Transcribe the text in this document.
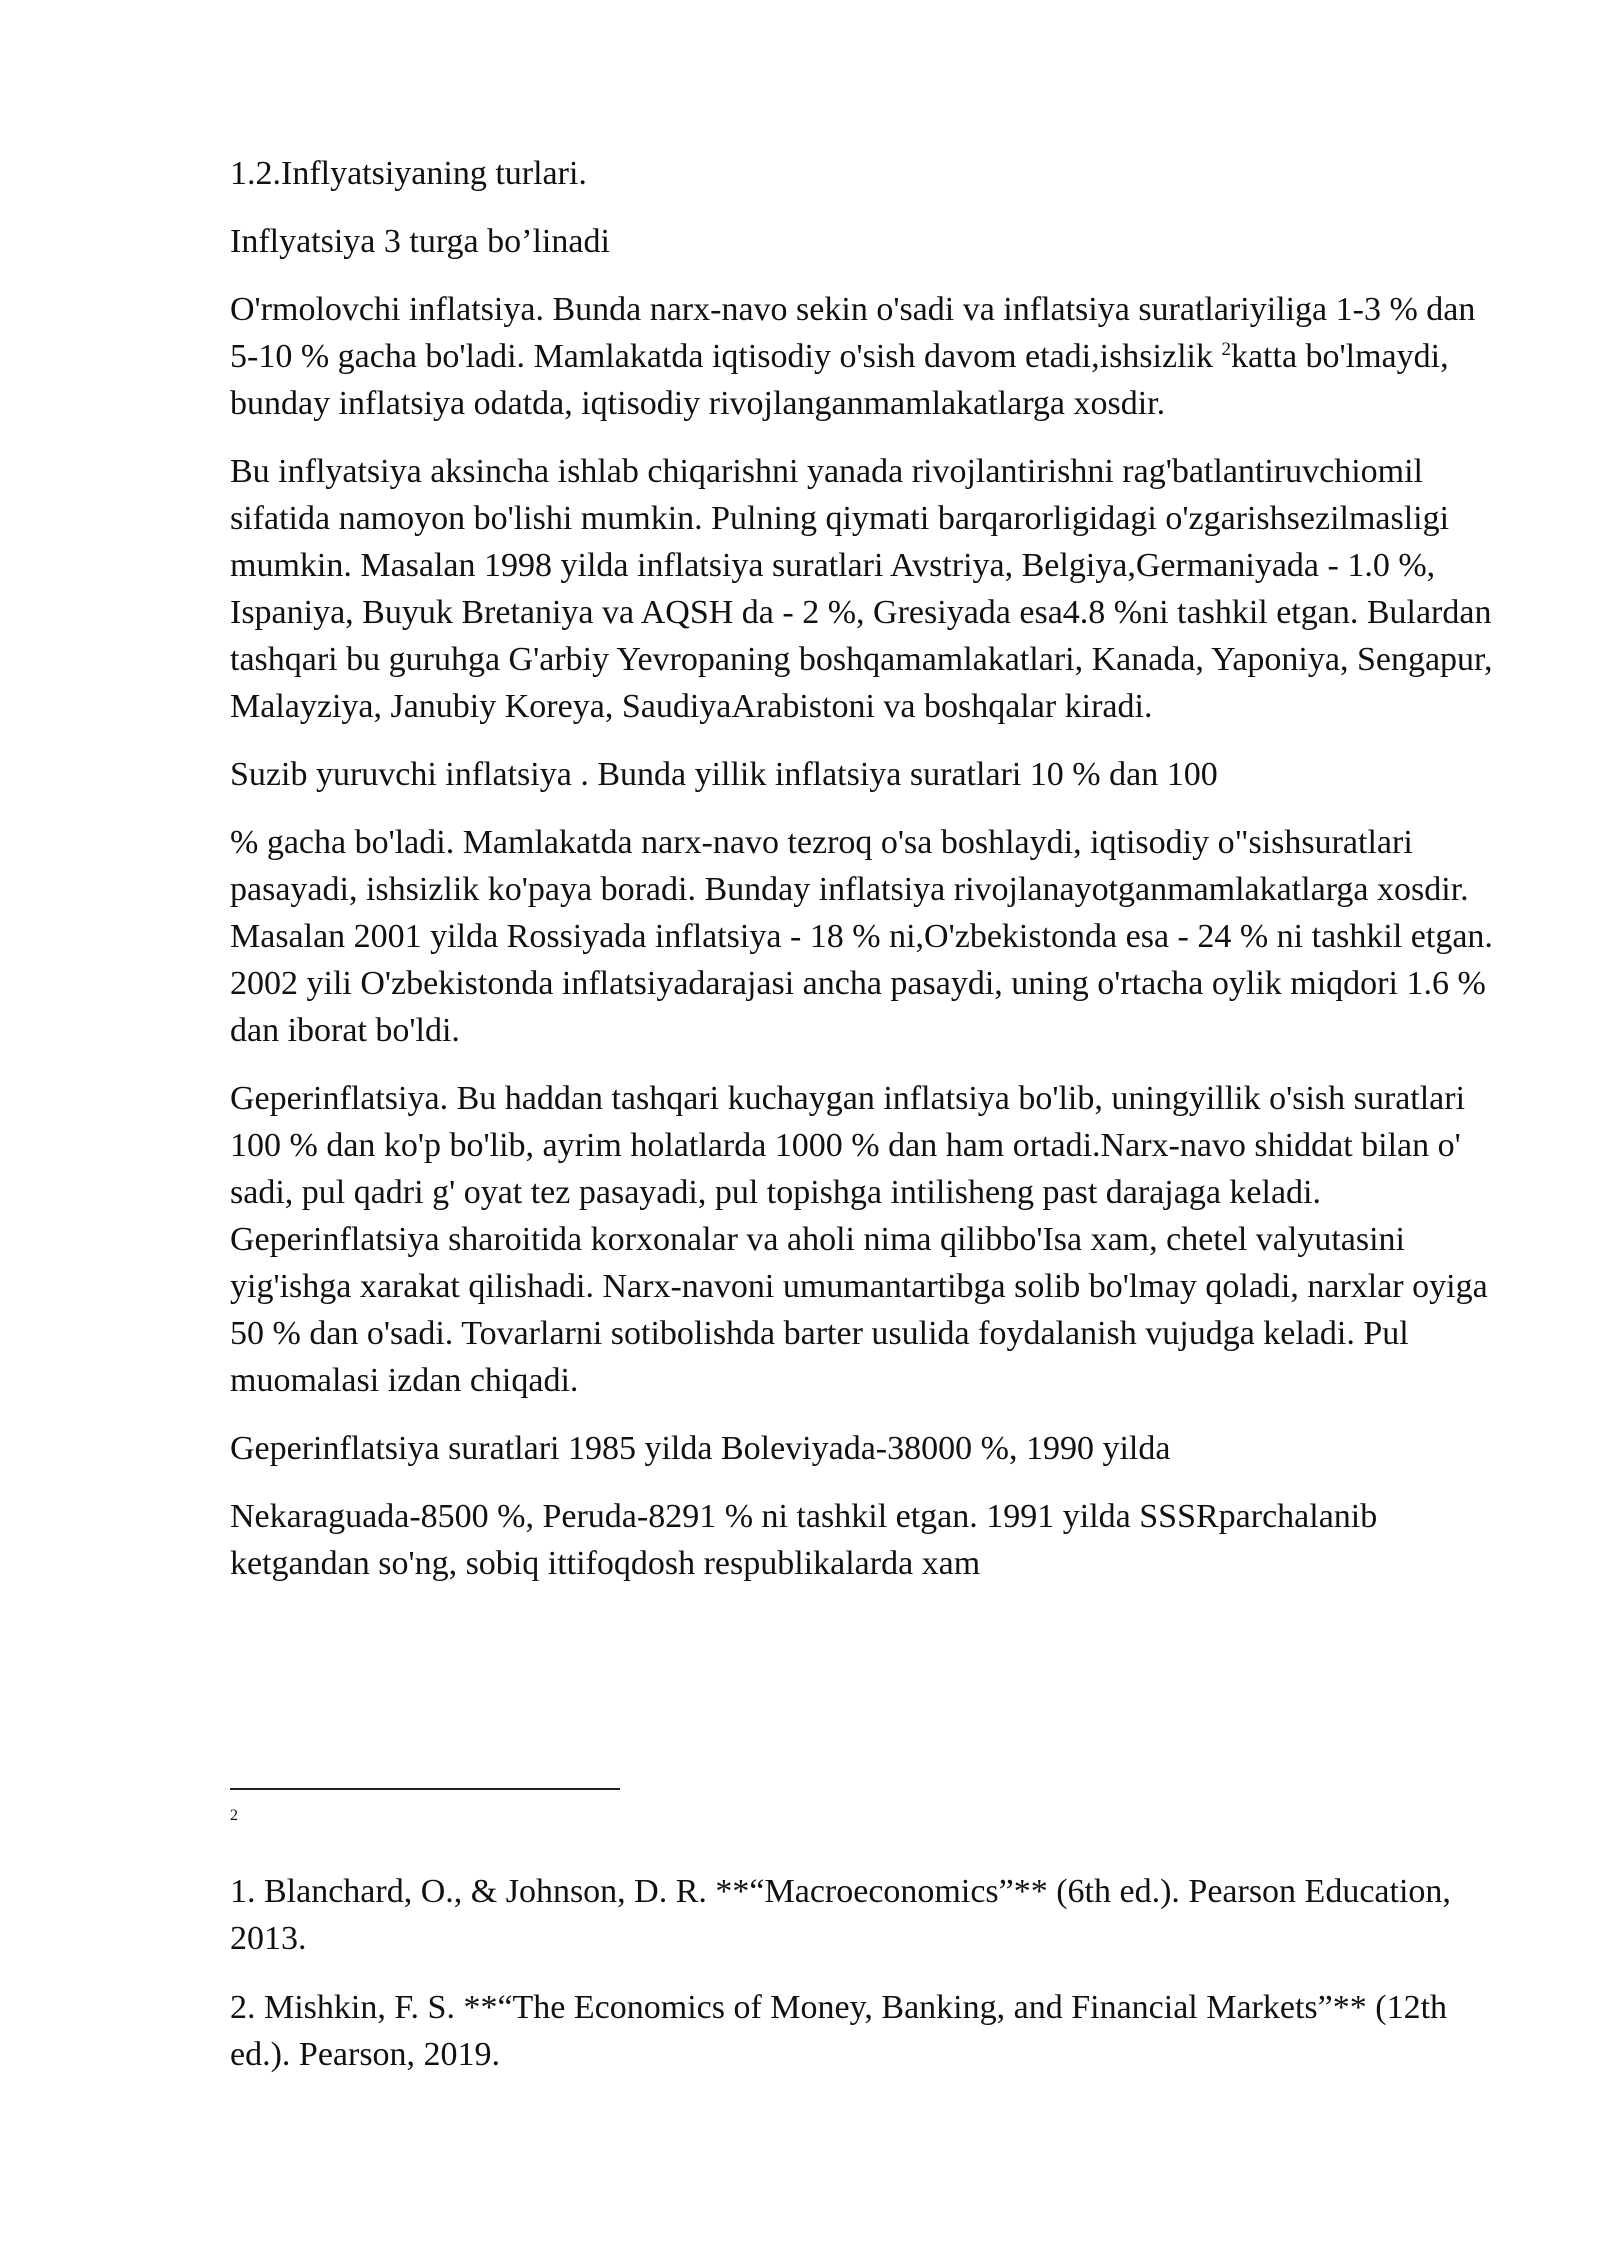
1.2.Inflyatsiyaning turlari.

Inflyatsiya 3 turga bo’linadi

O'rmolovchi inflatsiya. Bunda narx-navo sekin o'sadi va inflatsiya suratlariyiliga 1-3 % dan 5-10 % gacha bo'ladi. Mamlakatda iqtisodiy o'sish davom etadi,ishsizlik $^2$katta bo'lmaydi, bunday inflatsiya odatda, iqtisodiy rivojlanganmamlakatlarga xosdir.

Bu inflyatsiya aksincha ishlab chiqarishni yanada rivojlantirishni rag'batlantiruvchiomil sifatida namoyon bo'lishi mumkin. Pulning qiymati barqarorligidagi o'zgarishsezilmasligi mumkin. Masalan 1998 yilda inflatsiya suratlari Avstriya, Belgiya,Germaniyada - 1.0 %, Ispaniya, Buyuk Bretaniya va AQSH da - 2 %, Gresiyada esa4.8 %ni tashkil etgan. Bulardan tashqari bu guruhga G'arbiy Yevropaning boshqamamlakatlari, Kanada, Yaponiya, Sengapur, Malayziya, Janubiy Koreya, SaudiyaArabistoni va boshqalar kiradi.

Suzib yuruvchi inflatsiya . Bunda yillik inflatsiya suratlari 10 % dan 100

% gacha bo'ladi. Mamlakatda narx-navo tezroq o'sa boshlaydi, iqtisodiy o"sishsuratlari pasayadi, ishsizlik ko'paya boradi. Bunday inflatsiya rivojlanayotganmamlakatlarga xosdir. Masalan 2001 yilda Rossiyada inflatsiya - 18 % ni,O'zbekistonda esa - 24 % ni tashkil etgan. 2002 yili O'zbekistonda inflatsiyadarajasi ancha pasaydi, uning o'rtacha oylik miqdori 1.6 % dan iborat bo'ldi.

Geperinflatsiya. Bu haddan tashqari kuchaygan inflatsiya bo'lib, uningyillik o'sish suratlari 100 % dan ko'p bo'lib, ayrim holatlarda 1000 % dan ham ortadi.Narx-navo shiddat bilan o' sadi, pul qadri g' oyat tez pasayadi, pul topishga intilisheng past darajaga keladi. Geperinflatsiya sharoitida korxonalar va aholi nima qilibbo'Isa xam, chetel valyutasini yig'ishga xarakat qilishadi. Narx-navoni umumantartibga solib bo'lmay qoladi, narxlar oyiga 50 % dan o'sadi. Tovarlarni sotibolishda barter usulida foydalanish vujudga keladi. Pul muomalasi izdan chiqadi.

Geperinflatsiya suratlari 1985 yilda Boleviyada-38000 %, 1990 yilda

Nekaraguada-8500 %, Peruda-8291 % ni tashkil etgan. 1991 yilda SSSRparchalanib ketgandan so'ng, sobiq ittifoqdosh respublikalarda xam

2

1. Blanchard, O., & Johnson, D. R. **“Macroeconomics”** (6th ed.). Pearson Education, 2013.

2. Mishkin, F. S. **“The Economics of Money, Banking, and Financial Markets”** (12th ed.). Pearson, 2019.
